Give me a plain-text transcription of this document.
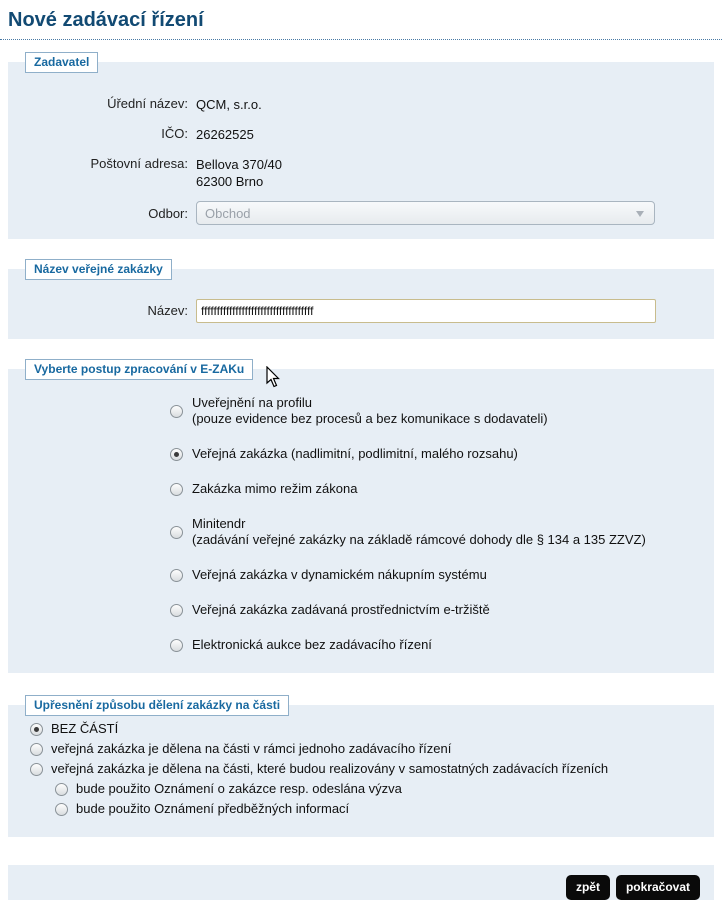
Nové zadávací řízení
Zadavatel
Úřední název: QCM, s.r.o.
IČO: 26262525
Poštovní adresa: Bellova 370/40
62300 Brno
Odbor:	Obchod
Název veřejné zakázky
Název:
ffffffffffffffffffffffffffffffffffff
Vyberte postup zpracování v E-ZAKu
Uveřejnění na profilu
(pouze evidence bez procesů a bez komunikace s dodavateli)
Veřejná zakázka (nadlimitní, podlimitní, malého rozsahu)
Zakázka mimo režim zákona
Minitendr
(zadávání veřejné zakázky na základě rámcové dohody dle § 134 a 135 ZZVZ)
Veřejná zakázka v dynamickém nákupním systému
Veřejná zakázka zadávaná prostřednictvím e-tržiště
Elektronická aukce bez zadávacího řízení
Upřesnění způsobu dělení zakázky na části
BEZ ČÁSTÍ
veřejná zakázka je dělena na části v rámci jednoho zadávacího řízení
veřejná zakázka je dělena na části, které budou realizovány v samostatných zadávacích řízeních
bude použito Oznámení o zakázce resp. odeslána výzva
bude použito Oznámení předběžných informací
zpět	pokračovat
